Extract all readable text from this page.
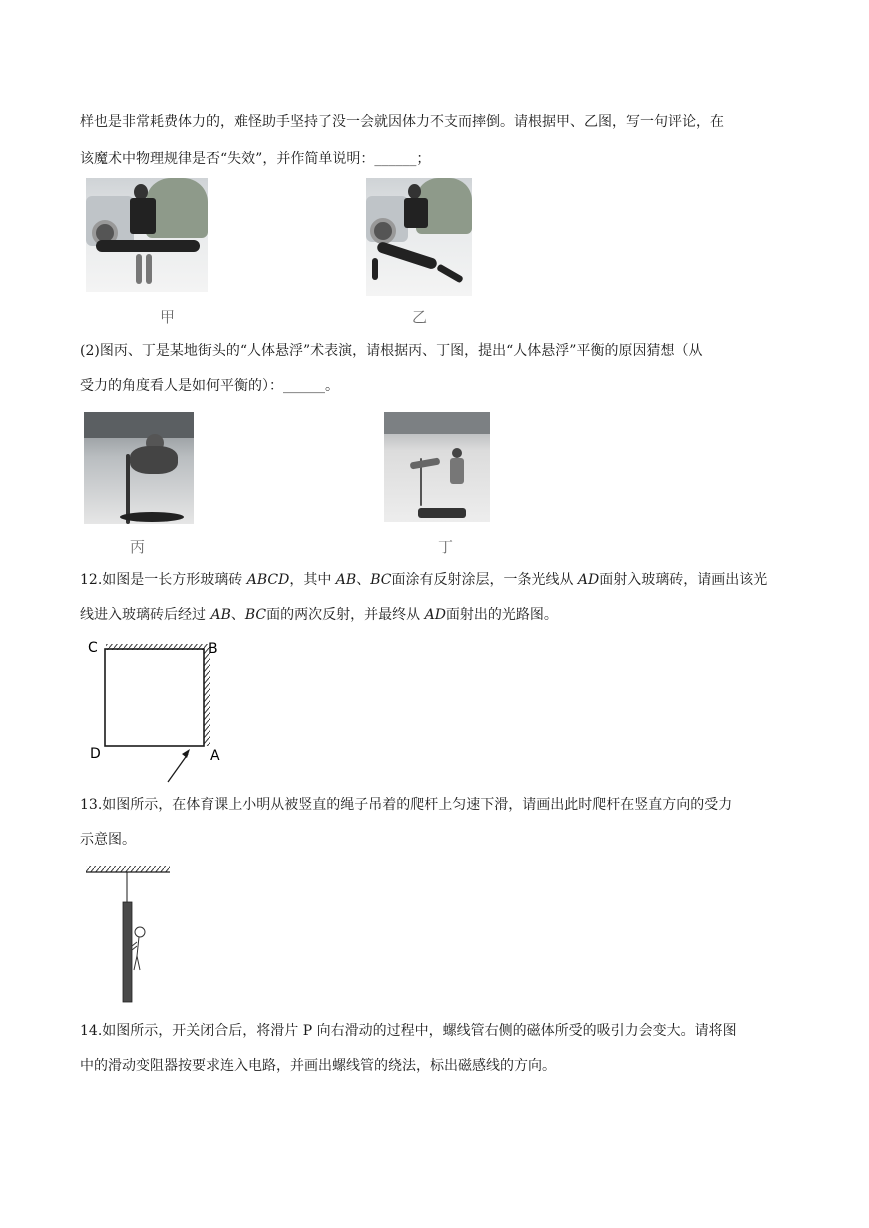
样也是非常耗费体力的，难怪助手坚持了没一会就因体力不支而摔倒。请根据甲、乙图，写一句评论，在
该魔术中物理规律是否“失效”，并作简单说明：______；
甲	乙
(2)图丙、丁是某地街头的“人体悬浮”术表演，请根据丙、丁图，提出“人体悬浮”平衡的原因猜想（从
受力的角度看人是如何平衡的）：______。
丙	丁
12.如图是一长方形玻璃砖 ABCD，其中 AB、BC面涂有反射涂层，一条光线从 AD面射入玻璃砖，请画出该光
线进入玻璃砖后经过 AB、BC面的两次反射，并最终从 AD面射出的光路图。
C	B
D	A
13.如图所示，在体育课上小明从被竖直的绳子吊着的爬杆上匀速下滑，请画出此时爬杆在竖直方向的受力
示意图。
14.如图所示，开关闭合后，将滑片 P 向右滑动的过程中，螺线管右侧的磁体所受的吸引力会变大。请将图
中的滑动变阻器按要求连入电路，并画出螺线管的绕法，标出磁感线的方向。
